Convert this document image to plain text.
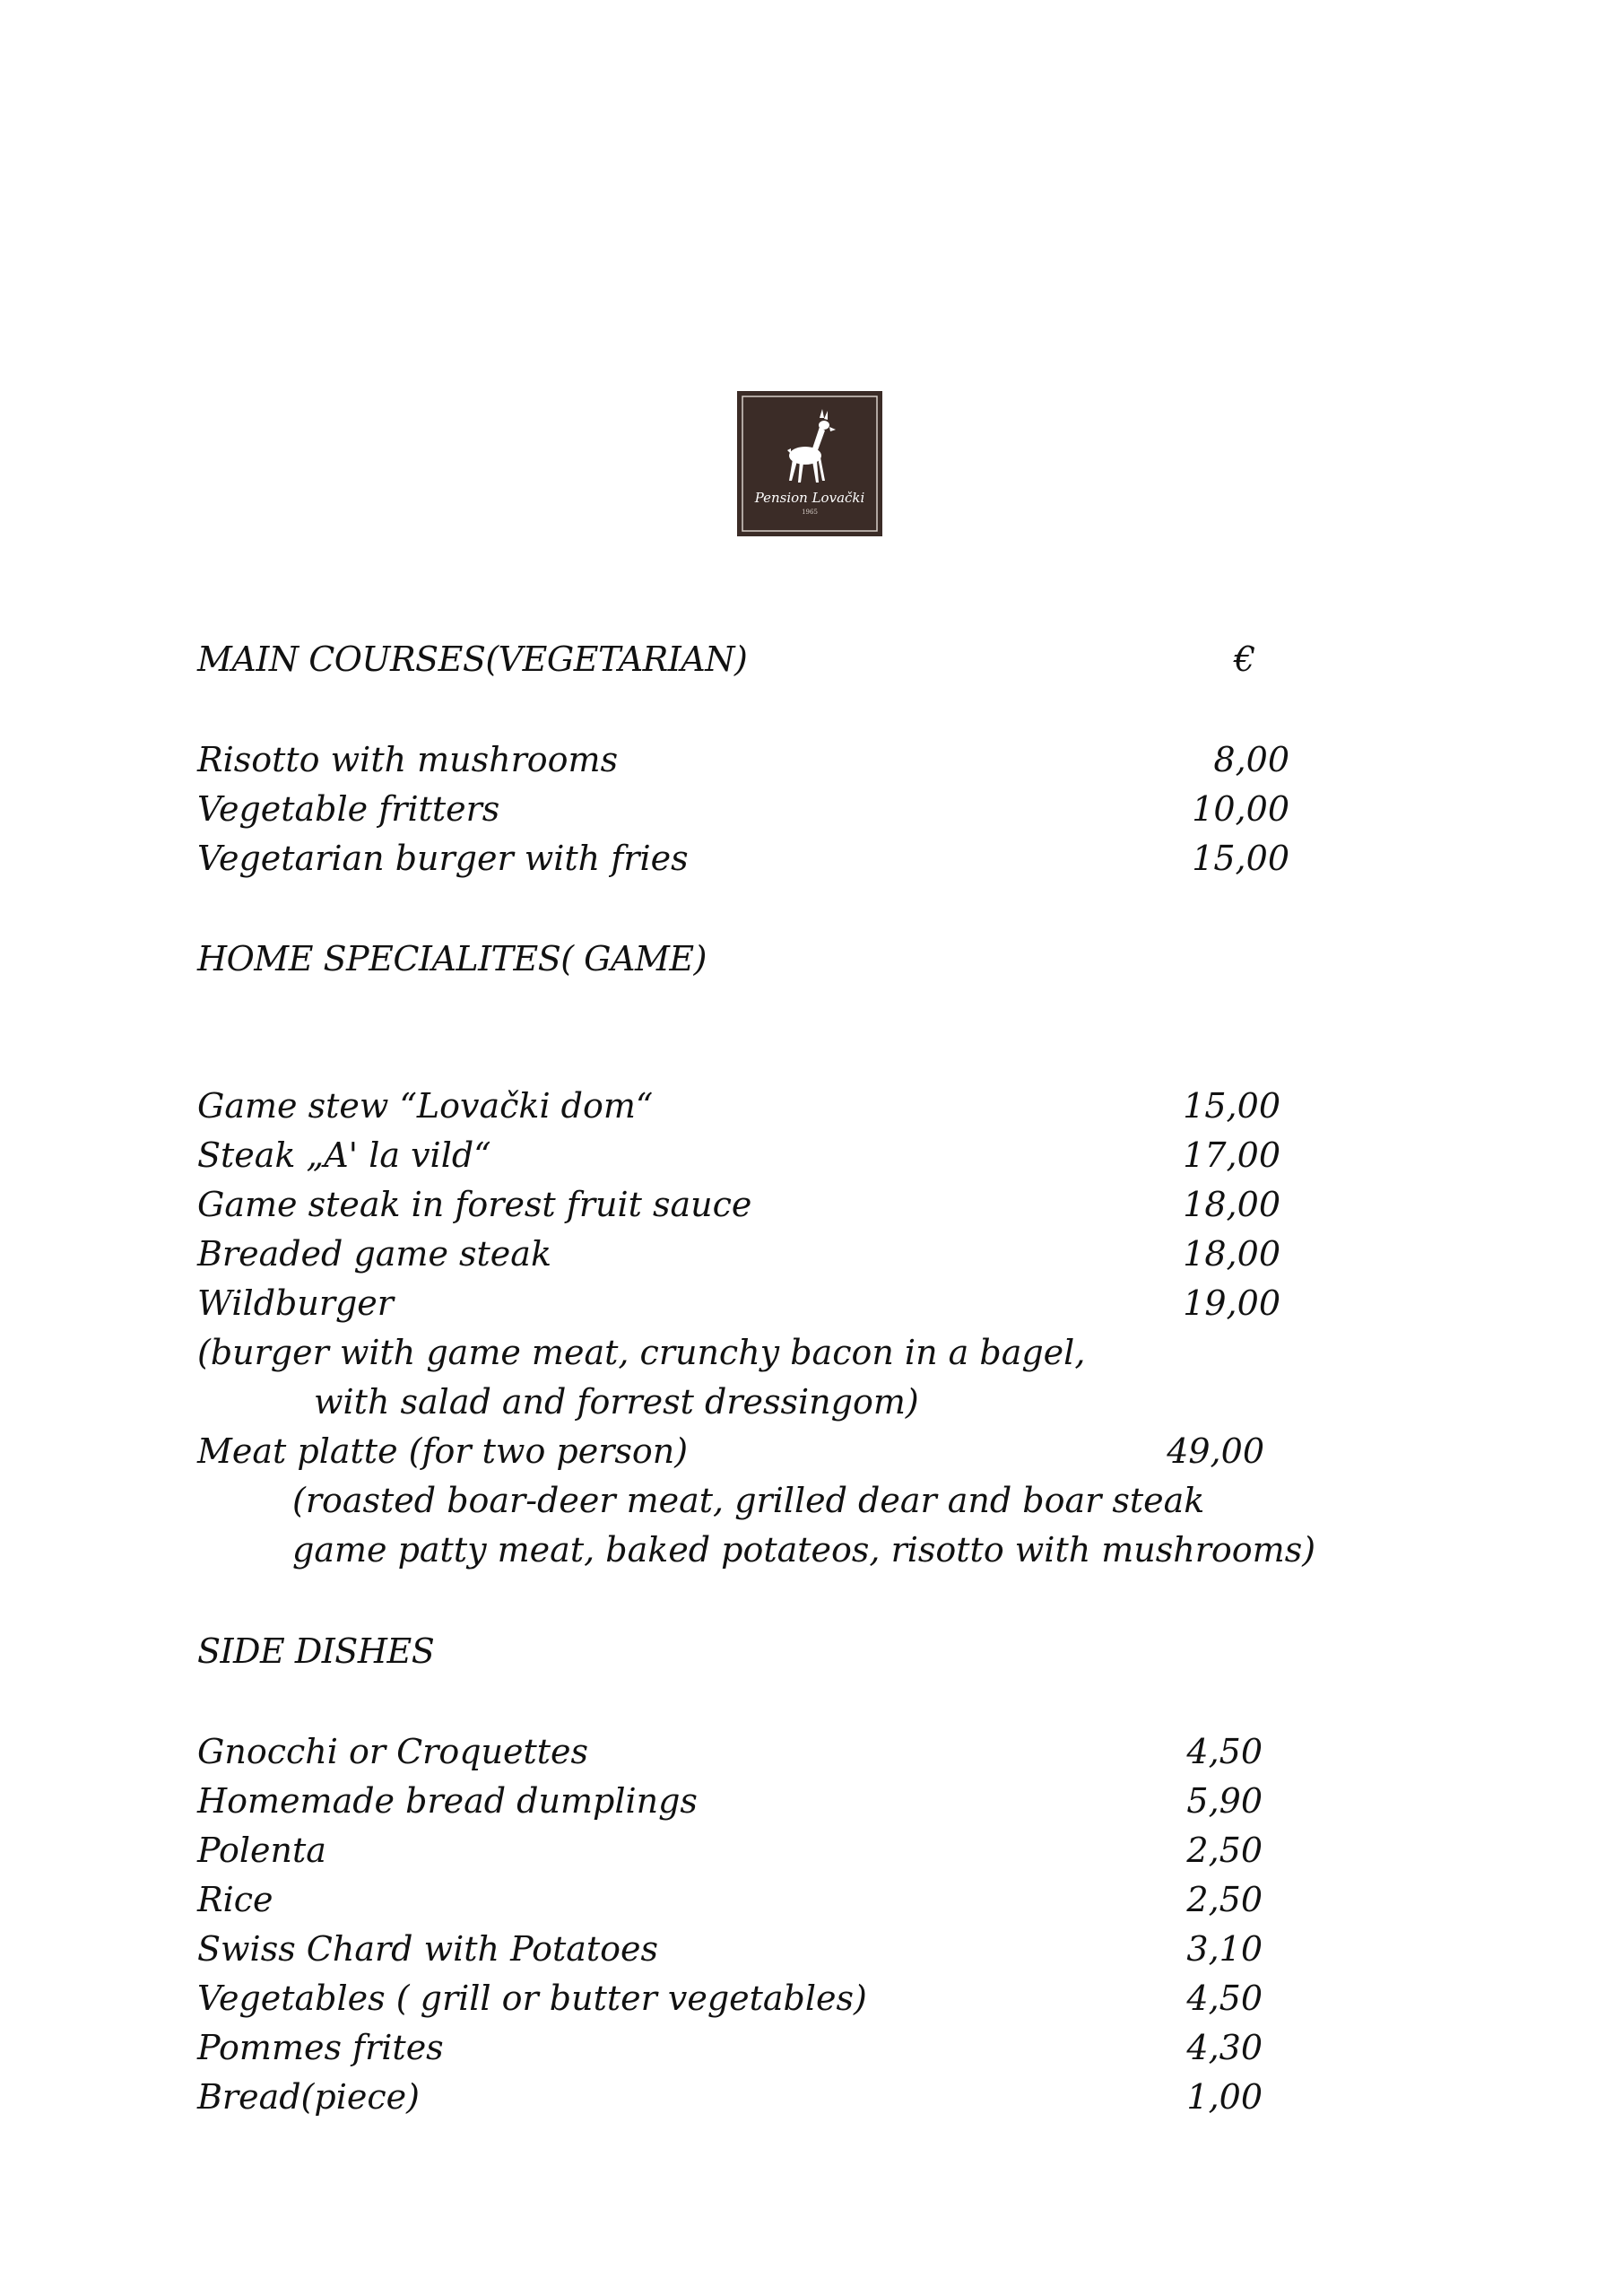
Pension Lovački
1965
MAIN COURSES(VEGETARIAN)	€
Risotto with mushrooms	8,00
Vegetable fritters	10,00
Vegetarian burger with fries	15,00
HOME SPECIALITES( GAME)
Game stew “Lovački dom“	15,00
Steak „A' la vild“	17,00
Game steak in forest fruit sauce	18,00
Breaded game steak	18,00
Wildburger	19,00
(burger with game meat, crunchy bacon in a bagel,
with salad and forrest dressingom)
Meat platte (for two person)	49,00
(roasted boar-deer meat, grilled dear and boar steak
game patty meat, baked potateos, risotto with mushrooms)
SIDE DISHES
Gnocchi or Croquettes	4,50
Homemade bread dumplings	5,90
Polenta	2,50
Rice	2,50
Swiss Chard with Potatoes	3,10
Vegetables ( grill or butter vegetables)	4,50
Pommes frites	4,30
Bread(piece)	1,00
